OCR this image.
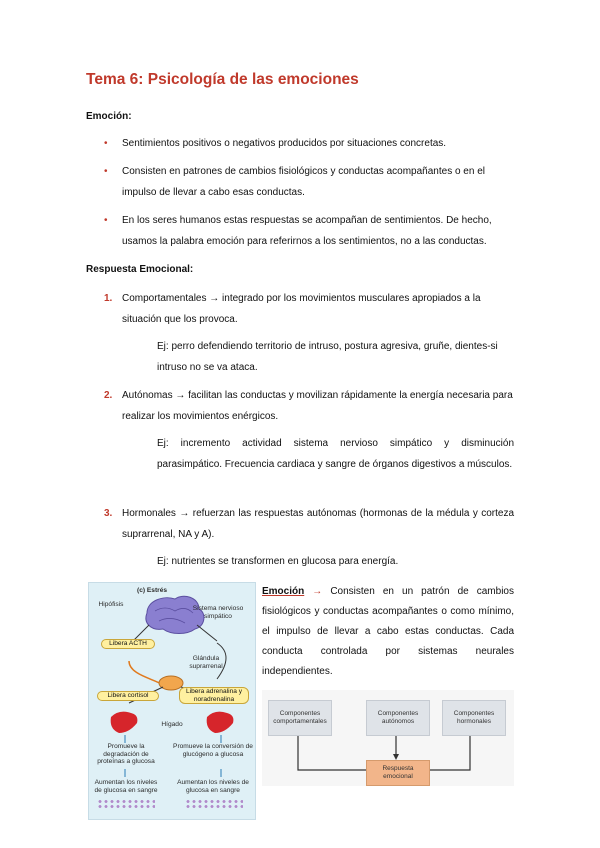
Tema 6: Psicología de las emociones
Emoción:
• Sentimientos positivos o negativos producidos por situaciones concretas.
• Consisten en patrones de cambios fisiológicos y conductas acompañantes o en el impulso de llevar a cabo esas conductas.
• En los seres humanos estas respuestas se acompañan de sentimientos. De hecho, usamos la palabra emoción para referirnos a los sentimientos, no a las conductas.
Respuesta Emocional:
1. Comportamentales → integrado por los movimientos musculares apropiados a la situación que los provoca.
Ej: perro defendiendo territorio de intruso, postura agresiva, gruñe, dientes-si intruso no se va ataca.
2. Autónomas → facilitan las conductas y movilizan rápidamente la energía necesaria para realizar los movimientos enérgicos.
Ej: incremento actividad sistema nervioso simpático y disminución parasimpático. Frecuencia cardiaca y sangre de órganos digestivos a músculos.
3. Hormonales → refuerzan las respuestas autónomas (hormonas de la médula y corteza suprarrenal, NA y A).
Ej: nutrientes se transformen en glucosa para energía.
(c) Estrés
Hipófisis
Sistema nervioso simpático
Libera ACTH
Glándula suprarrenal
Libera cortisol
Libera adrenalina y noradrenalina
Hígado
Promueve la degradación de proteínas a glucosa
Promueve la conversión de glucógeno a glucosa
Aumentan los niveles de glucosa en sangre
Aumentan los niveles de glucosa en sangre
Emoción → Consisten en un patrón de cambios fisiológicos y conductas acompañantes o como mínimo, el impulso de llevar a cabo estas conductas. Cada conducta controlada por sistemas neurales independientes.
Componentes comportamentales
Componentes autónomos
Componentes hormonales
Respuesta emocional
